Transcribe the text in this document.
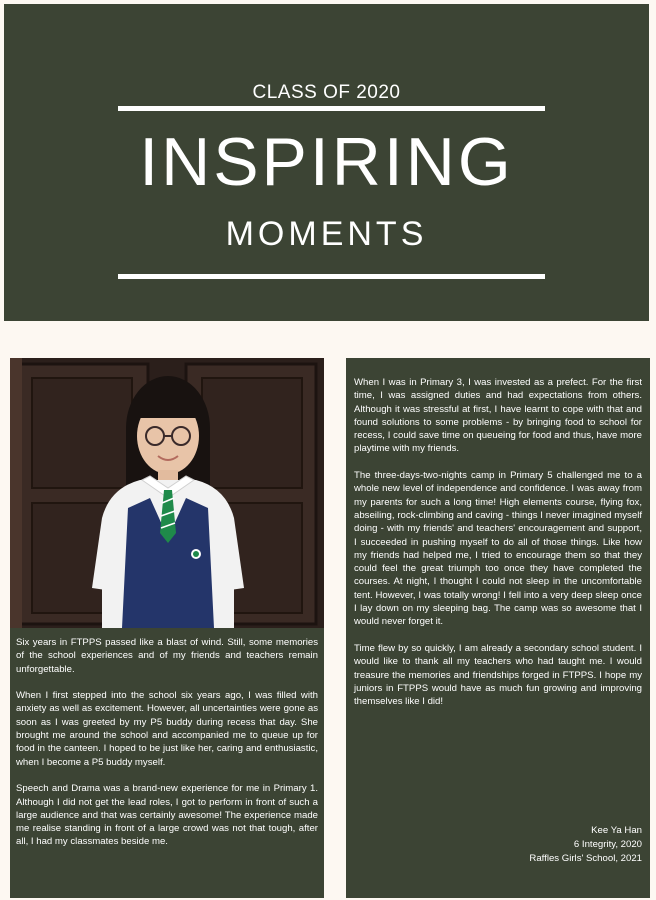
CLASS OF 2020
INSPIRING
MOMENTS

Six years in FTPPS passed like a blast of wind. Still, some memories of the school experiences and of my friends and teachers remain unforgettable.

When I first stepped into the school six years ago, I was filled with anxiety as well as excitement. However, all uncertainties were gone as soon as I was greeted by my P5 buddy during recess that day. She brought me around the school and accompanied me to queue up for food in the canteen. I hoped to be just like her, caring and enthusiastic, when I become a P5 buddy myself.

Speech and Drama was a brand-new experience for me in Primary 1. Although I did not get the lead roles, I got to perform in front of such a large audience and that was certainly awesome! The experience made me realise standing in front of a large crowd was not that tough, after all, I had my classmates beside me.

When I was in Primary 3, I was invested as a prefect. For the first time, I was assigned duties and had expectations from others. Although it was stressful at first, I have learnt to cope with that and found solutions to some problems - by bringing food to school for recess, I could save time on queueing for food and thus, have more playtime with my friends.

The three-days-two-nights camp in Primary 5 challenged me to a whole new level of independence and confidence. I was away from my parents for such a long time! High elements course, flying fox, abseiling, rock-climbing and caving - things I never imagined myself doing - with my friends' and teachers' encouragement and support, I succeeded in pushing myself to do all of those things. Like how my friends had helped me, I tried to encourage them so that they could feel the great triumph too once they have completed the courses. At night, I thought I could not sleep in the uncomfortable tent. However, I was totally wrong! I fell into a very deep sleep once I lay down on my sleeping bag. The camp was so awesome that I would never forget it.

Time flew by so quickly, I am already a secondary school student. I would like to thank all my teachers who had taught me. I would treasure the memories and friendships forged in FTPPS. I hope my juniors in FTPPS would have as much fun growing and improving themselves like I did!

Kee Ya Han
6 Integrity, 2020
Raffles Girls' School, 2021
